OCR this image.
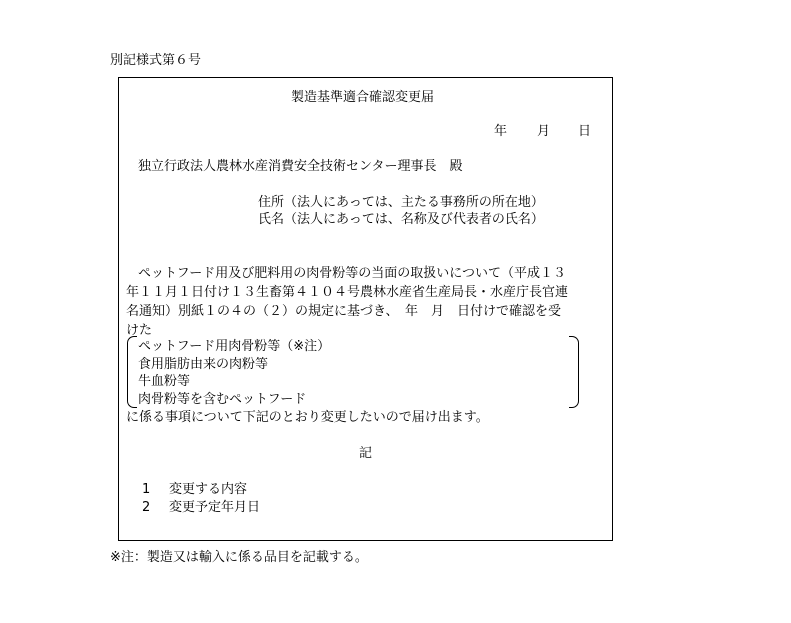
別記様式第６号
製造基準適合確認変更届
年 月 日
独立行政法人農林水産消費安全技術センター理事長　殿
住所（法人にあっては、主たる事務所の所在地）
氏名（法人にあっては、名称及び代表者の氏名）
ペットフード用及び肥料用の肉骨粉等の当面の取扱いについて（平成１３
年１１月１日付け１３生畜第４１０４号農林水産省生産局長・水産庁長官連
名通知）別紙１の４の（２）の規定に基づき、　年　月　日付けで確認を受
けた
ペットフード用肉骨粉等（※注）
食用脂肪由来の肉粉等
牛血粉等
肉骨粉等を含むペットフード
に係る事項について下記のとおり変更したいので届け出ます。
記
1 変更する内容
2 変更予定年月日
※注：製造又は輸入に係る品目を記載する。
